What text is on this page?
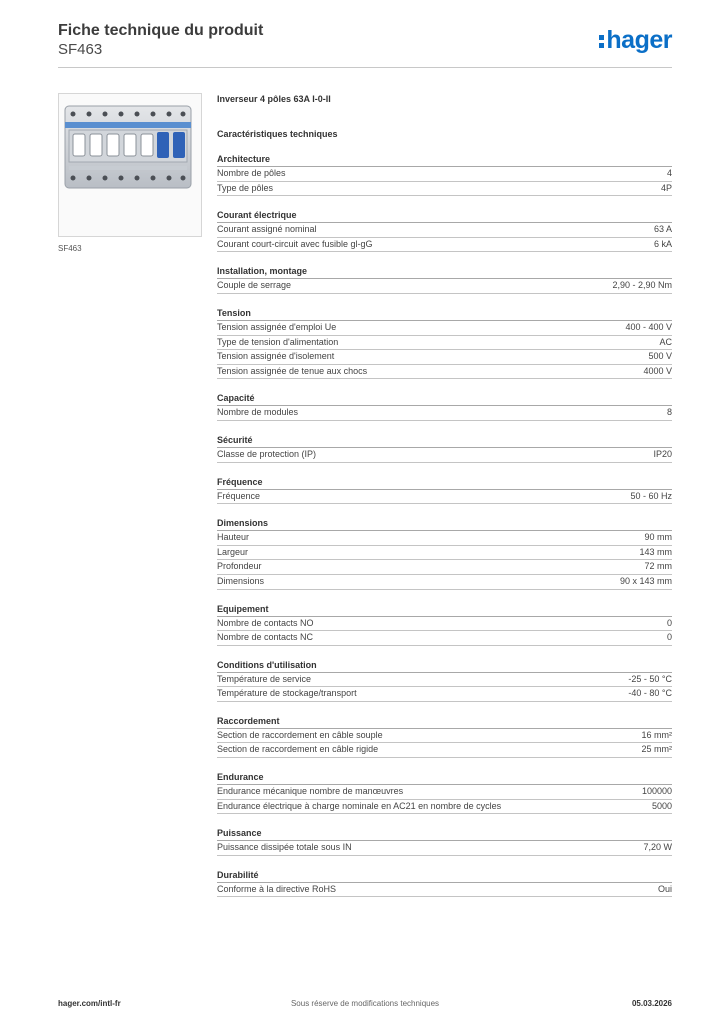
Fiche technique du produit
SF463	hager
SF463
Inverseur 4 pôles 63A I-0-II
Caractéristiques techniques
Architecture
Nombre de pôles	4
Type de pôles	4P
Courant électrique
Courant assigné nominal	63 A
Courant court-circuit avec fusible gl-gG	6 kA
Installation, montage
Couple de serrage	2,90 - 2,90 Nm
Tension
Tension assignée d'emploi Ue	400 - 400 V
Type de tension d'alimentation	AC
Tension assignée d'isolement	500 V
Tension assignée de tenue aux chocs	4000 V
Capacité
Nombre de modules	8
Sécurité
Classe de protection (IP)	IP20
Fréquence
Fréquence	50 - 60 Hz
Dimensions
Hauteur	90 mm
Largeur	143 mm
Profondeur	72 mm
Dimensions	90 x 143 mm
Equipement
Nombre de contacts NO	0
Nombre de contacts NC	0
Conditions d'utilisation
Température de service	-25 - 50 °C
Température de stockage/transport	-40 - 80 °C
Raccordement
Section de raccordement en câble souple	16 mm²
Section de raccordement en câble rigide	25 mm²
Endurance
Endurance mécanique nombre de manœuvres	100000
Endurance électrique à charge nominale en AC21 en nombre de cycles	5000
Puissance
Puissance dissipée totale sous IN	7,20 W
Durabilité
Conforme à la directive RoHS	Oui
hager.com/intl-fr	Sous réserve de modifications techniques	05.03.2026
